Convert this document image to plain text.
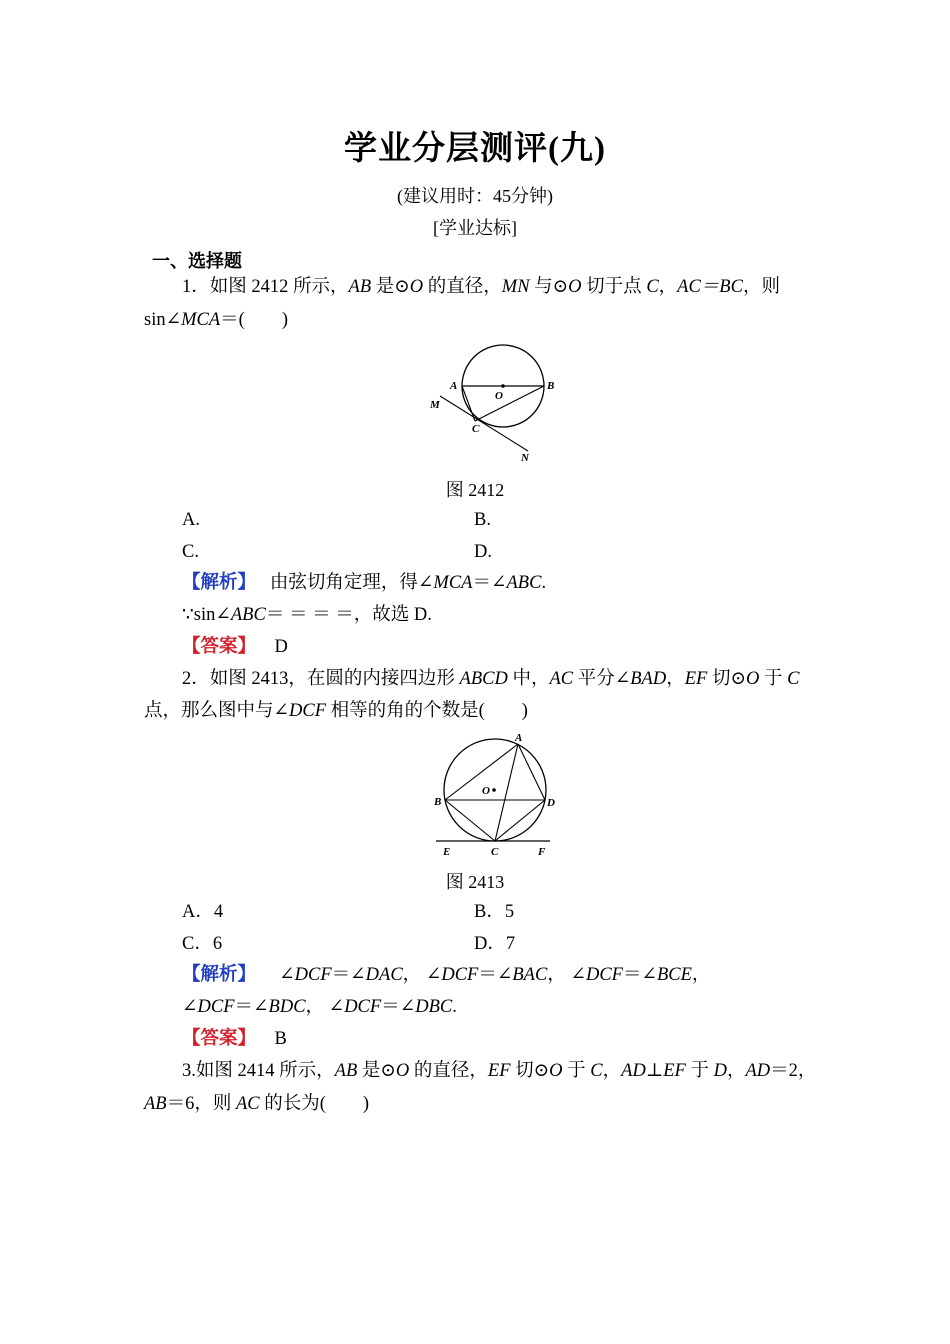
学业分层测评(九)
(建议用时：45分钟)
[学业达标]
一、选择题
1．如图 2412 所示，AB 是⊙O 的直径，MN 与⊙O 切于点 C，AC＝BC，则
sin∠MCA＝(　　)
A	B
O
M
C
N
图 2412
A.	B.
C.	D.
【解析】 由弦切角定理，得∠MCA＝∠ABC.
∵sin∠ABC＝ ＝ ＝ ＝，故选 D.
【答案】 D
2．如图 2413，在圆的内接四边形 ABCD 中，AC 平分∠BAD，EF 切⊙O 于 C
点，那么图中与∠DCF 相等的角的个数是(　　)
A
B
O
D
E	C	F
图 2413
A．4	B．5
C．6	D．7
【解析】 ∠DCF＝∠DAC， ∠DCF＝∠BAC， ∠DCF＝∠BCE，
∠DCF＝∠BDC， ∠DCF＝∠DBC.
【答案】 B
3.如图 2414 所示，AB 是⊙O 的直径，EF 切⊙O 于 C，AD⊥EF 于 D，AD＝2，
AB＝6，则 AC 的长为(　　)
